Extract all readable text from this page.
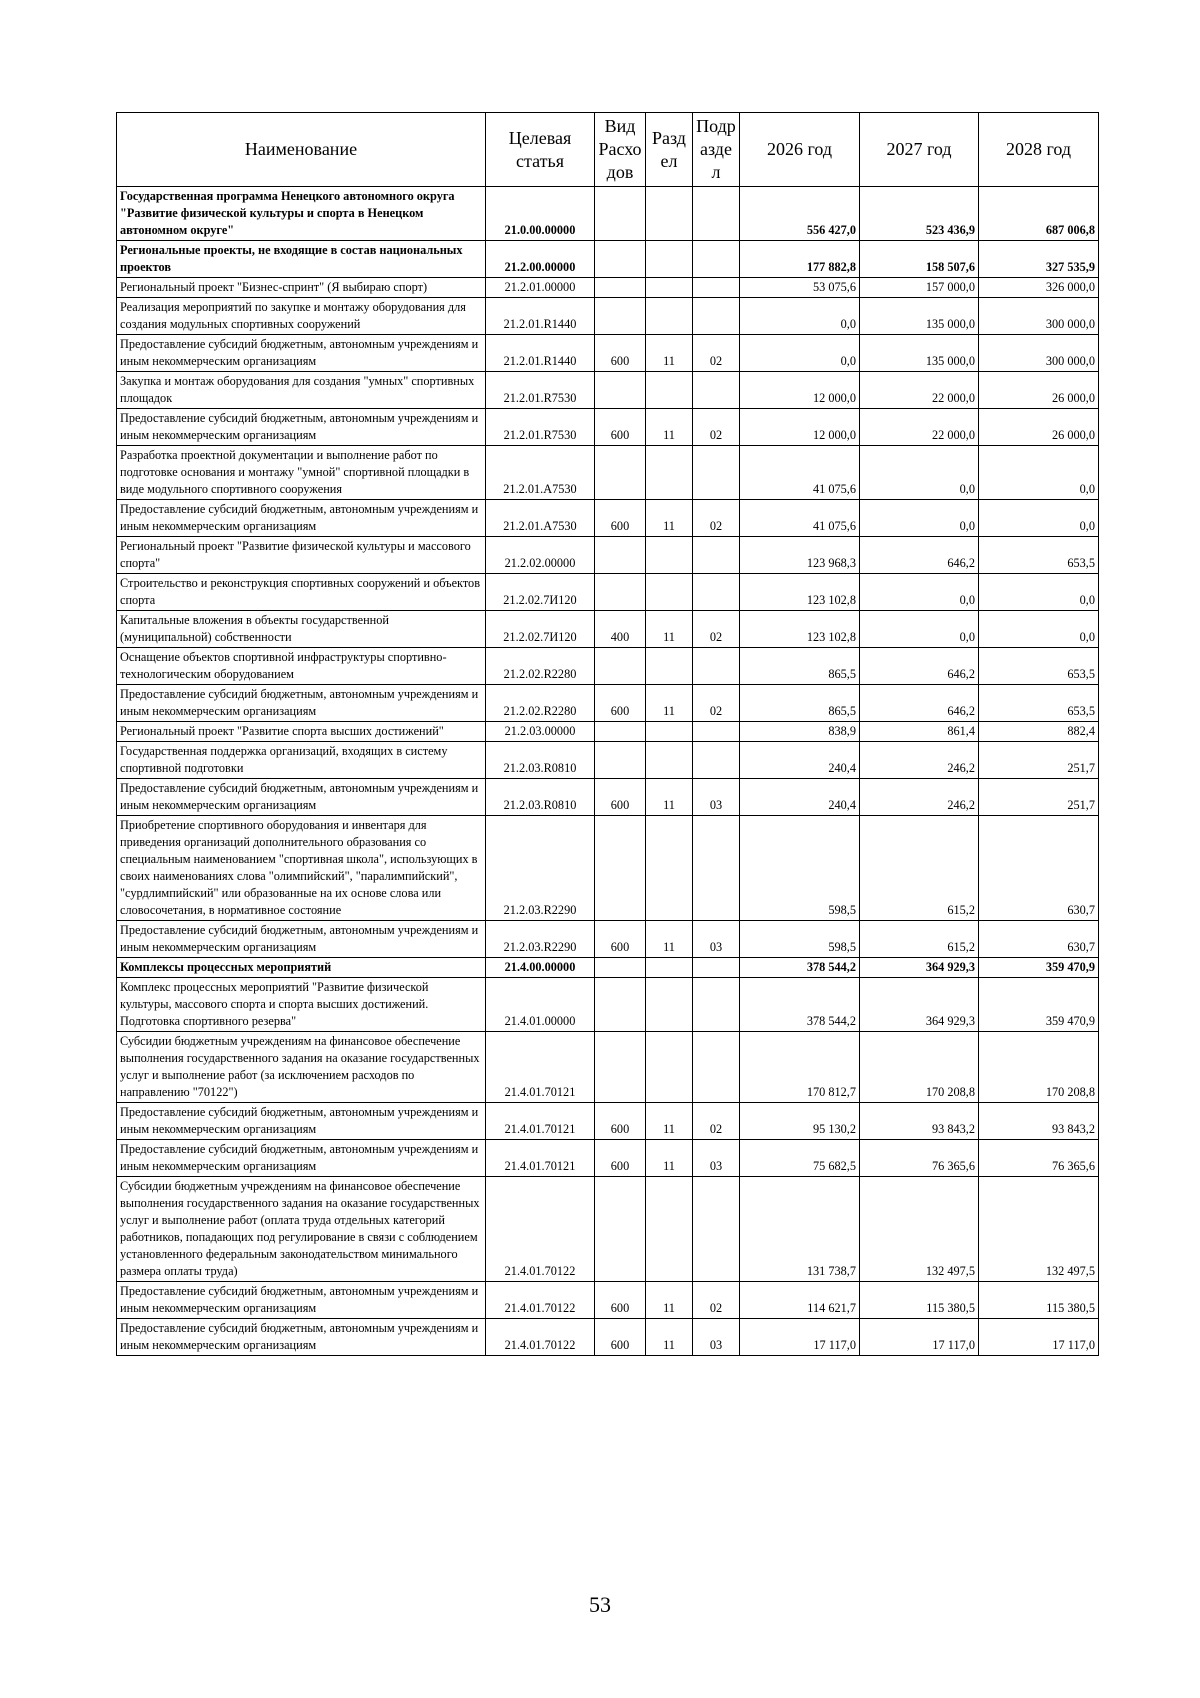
Наименование	Целевая статья	Вид Расходов	Раздел	Подраздел	2026 год	2027 год	2028 год
Государственная программа Ненецкого автономного округа "Развитие физической культуры и спорта в Ненецком автономном округе"	21.0.00.00000				556 427,0	523 436,9	687 006,8
Региональные проекты, не входящие в состав национальных проектов	21.2.00.00000				177 882,8	158 507,6	327 535,9
Региональный проект "Бизнес-спринт" (Я выбираю спорт)	21.2.01.00000				53 075,6	157 000,0	326 000,0
Реализация мероприятий по закупке и монтажу оборудования для создания модульных спортивных сооружений	21.2.01.R1440				0,0	135 000,0	300 000,0
Предоставление субсидий бюджетным, автономным учреждениям и иным некоммерческим организациям	21.2.01.R1440	600	11	02	0,0	135 000,0	300 000,0
Закупка и монтаж оборудования для создания "умных" спортивных площадок	21.2.01.R7530				12 000,0	22 000,0	26 000,0
Предоставление субсидий бюджетным, автономным учреждениям и иным некоммерческим организациям	21.2.01.R7530	600	11	02	12 000,0	22 000,0	26 000,0
Разработка проектной документации и выполнение работ по подготовке основания и монтажу "умной" спортивной площадки в виде модульного спортивного сооружения	21.2.01.A7530				41 075,6	0,0	0,0
Предоставление субсидий бюджетным, автономным учреждениям и иным некоммерческим организациям	21.2.01.A7530	600	11	02	41 075,6	0,0	0,0
Региональный проект "Развитие физической культуры и массового спорта"	21.2.02.00000				123 968,3	646,2	653,5
Строительство и реконструкция спортивных сооружений и объектов спорта	21.2.02.7И120				123 102,8	0,0	0,0
Капитальные вложения в объекты государственной (муниципальной) собственности	21.2.02.7И120	400	11	02	123 102,8	0,0	0,0
Оснащение объектов спортивной инфраструктуры спортивно-технологическим оборудованием	21.2.02.R2280				865,5	646,2	653,5
Предоставление субсидий бюджетным, автономным учреждениям и иным некоммерческим организациям	21.2.02.R2280	600	11	02	865,5	646,2	653,5
Региональный проект "Развитие спорта высших достижений"	21.2.03.00000				838,9	861,4	882,4
Государственная поддержка организаций, входящих в систему спортивной подготовки	21.2.03.R0810				240,4	246,2	251,7
Предоставление субсидий бюджетным, автономным учреждениям и иным некоммерческим организациям	21.2.03.R0810	600	11	03	240,4	246,2	251,7
Приобретение спортивного оборудования и инвентаря для приведения организаций дополнительного образования со специальным наименованием "спортивная школа", использующих в своих наименованиях слова "олимпийский", "паралимпийский", "сурдлимпийский" или образованные на их основе слова или словосочетания, в нормативное состояние	21.2.03.R2290				598,5	615,2	630,7
Предоставление субсидий бюджетным, автономным учреждениям и иным некоммерческим организациям	21.2.03.R2290	600	11	03	598,5	615,2	630,7
Комплексы процессных мероприятий	21.4.00.00000				378 544,2	364 929,3	359 470,9
Комплекс процессных мероприятий "Развитие физической культуры, массового спорта и спорта высших достижений. Подготовка спортивного резерва"	21.4.01.00000				378 544,2	364 929,3	359 470,9
Субсидии бюджетным учреждениям на финансовое обеспечение выполнения государственного задания на оказание государственных услуг и выполнение работ (за исключением расходов по направлению "70122")	21.4.01.70121				170 812,7	170 208,8	170 208,8
Предоставление субсидий бюджетным, автономным учреждениям и иным некоммерческим организациям	21.4.01.70121	600	11	02	95 130,2	93 843,2	93 843,2
Предоставление субсидий бюджетным, автономным учреждениям и иным некоммерческим организациям	21.4.01.70121	600	11	03	75 682,5	76 365,6	76 365,6
Субсидии бюджетным учреждениям на финансовое обеспечение выполнения государственного задания на оказание государственных услуг и выполнение работ (оплата труда отдельных категорий работников, попадающих под регулирование в связи с соблюдением установленного федеральным законодательством минимального размера оплаты труда)	21.4.01.70122				131 738,7	132 497,5	132 497,5
Предоставление субсидий бюджетным, автономным учреждениям и иным некоммерческим организациям	21.4.01.70122	600	11	02	114 621,7	115 380,5	115 380,5
Предоставление субсидий бюджетным, автономным учреждениям и иным некоммерческим организациям	21.4.01.70122	600	11	03	17 117,0	17 117,0	17 117,0
53
